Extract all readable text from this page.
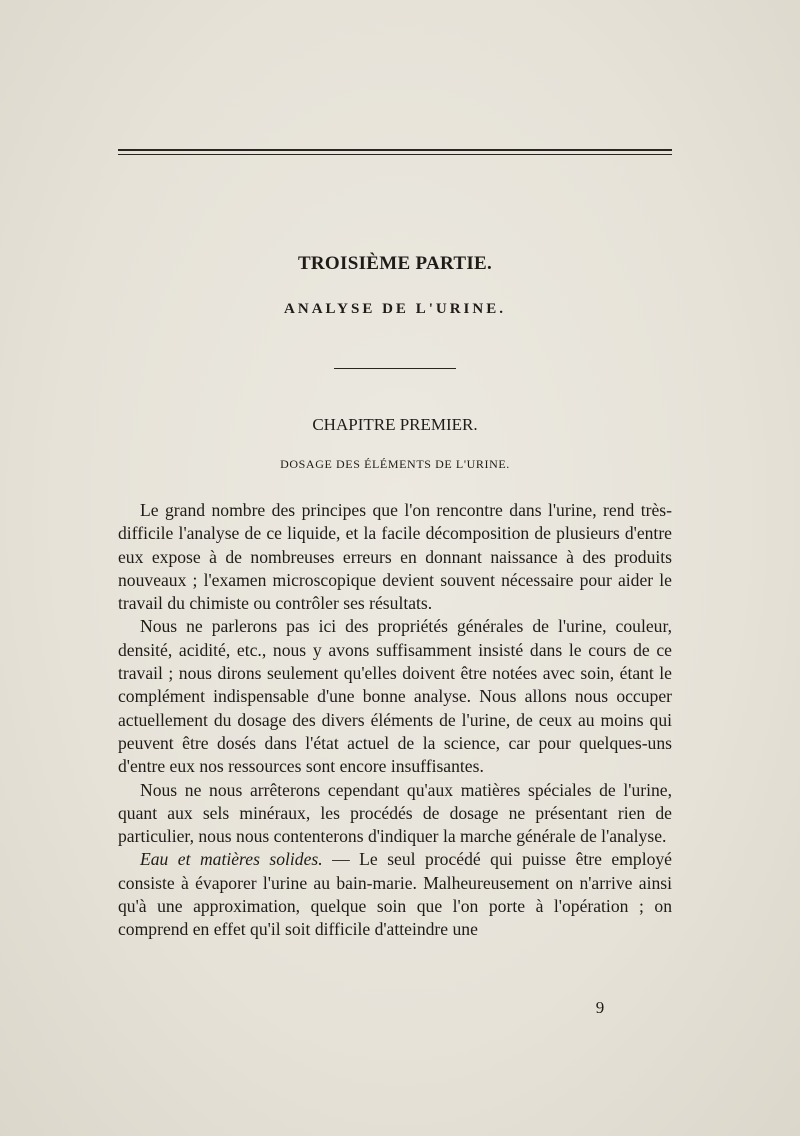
TROISIÈME PARTIE.
ANALYSE DE L'URINE.
CHAPITRE PREMIER.
DOSAGE DES ÉLÉMENTS DE L'URINE.

Le grand nombre des principes que l'on rencontre dans l'urine, rend très-difficile l'analyse de ce liquide, et la facile décomposition de plusieurs d'entre eux expose à de nombreuses erreurs en donnant naissance à des produits nouveaux ; l'examen microscopique devient souvent nécessaire pour aider le travail du chimiste ou contrôler ses résultats.

Nous ne parlerons pas ici des propriétés générales de l'urine, couleur, densité, acidité, etc., nous y avons suffisamment insisté dans le cours de ce travail ; nous dirons seulement qu'elles doivent être notées avec soin, étant le complément indispensable d'une bonne analyse. Nous allons nous occuper actuellement du dosage des divers éléments de l'urine, de ceux au moins qui peuvent être dosés dans l'état actuel de la science, car pour quelques-uns d'entre eux nos ressources sont encore insuffisantes.

Nous ne nous arrêterons cependant qu'aux matières spéciales de l'urine, quant aux sels minéraux, les procédés de dosage ne présentant rien de particulier, nous nous contenterons d'indiquer la marche générale de l'analyse.

Eau et matières solides. — Le seul procédé qui puisse être employé consiste à évaporer l'urine au bain-marie. Malheureusement on n'arrive ainsi qu'à une approximation, quelque soin que l'on porte à l'opération ; on comprend en effet qu'il soit difficile d'atteindre une

9
